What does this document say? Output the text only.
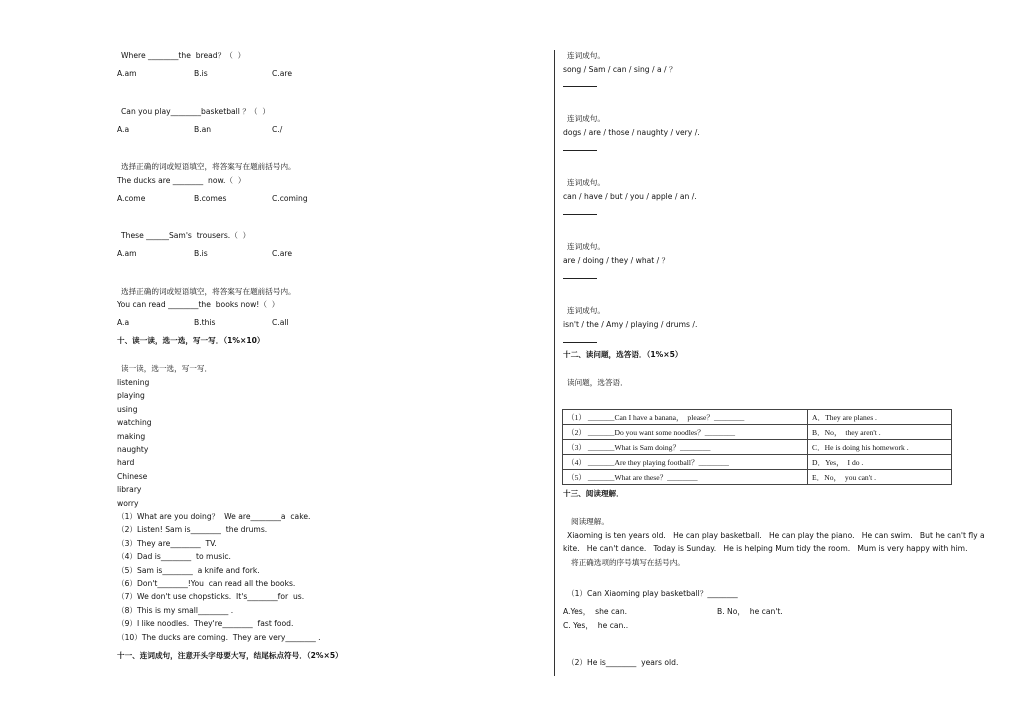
Where ________the  bread？（  ）
A.am	B.is	C.are
Can you play________basketball ？（  ）
A.a	B.an	C./
选择正确的词或短语填空，将答案写在题前括号内。
The ducks are ________  now.（  ）
A.come	B.comes	C.coming
These ______Sam's  trousers.（  ）
A.am	B.is	C.are
选择正确的词或短语填空，将答案写在题前括号内。
You can read ________the  books now!（  ）
A.a	B.this	C.all
十、读一读，选一选，写一写．（1%×10）
读一读，选一选，写一写．
listening
playing
using
watching
making
naughty
hard
Chinese
library
worry
（1）What are you doing？  We are________a  cake.
（2）Listen! Sam is________  the drums.
（3）They are________  TV.
（4）Dad is________  to music.
（5）Sam is________  a knife and fork.
（6）Don't________!You  can read all the books.
（7）We don't use chopsticks.  It's________for  us.
（8）This is my small________ .
（9）I like noodles.  They're________  fast food.
（10）The ducks are coming.  They are very________ .
十一、连词成句，注意开头字母要大写，结尾标点符号．（2%×5）
连词成句。
song / Sam / can / sing / a / ？
连词成句。
dogs / are / those / naughty / very /.
连词成句。
can / have / but / you / apple / an /.
连词成句。
are / doing / they / what / ？
连词成句。
isn't / the / Amy / playing / drums /.
十二、读问题，选答语．（1%×5）
读问题，选答语．
（1） _______Can I have a banana，  please？________	A．They are planes .
（2） _______Do you want some noodles？________	B．No，  they aren't .
（3） _______What is Sam doing？________	C．He is doing his homework .
（4） _______Are they playing football？________	D．Yes，  I do .
（5） _______What are these？________	E．No，  you can't .
十三、阅读理解．
阅读理解。
Xiaoming is ten years old.   He can play basketball.   He can play the piano.   He can swim.   But he can't fly a
kite.   He can't dance.   Today is Sunday.   He is helping Mum tidy the room.   Mum is very happy with him.
将正确选项的序号填写在括号内。
（1）Can Xiaoming play basketball？________
A.Yes，  she can.	B. No，  he can't.
C. Yes，  he can..
（2）He is________  years old.
